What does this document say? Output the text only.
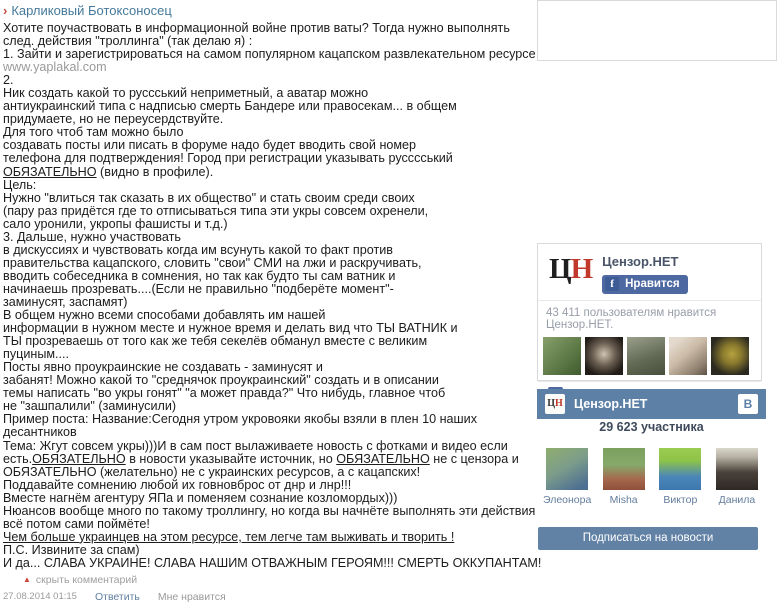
› Карликовый Ботоксоносец
Хотите поучаствовать в информационной войне против ваты? Тогда нужно выполнять
след. действия "троллинга" (так делаю я) :
1. Зайти и зарегистрироваться на самом популярном кацапском развлекательном ресурсе
www.yaplakal.com
2.
Ник создать какой то руссський неприметный, а аватар можно
антиукраинский типа с надписью смерть Бандере или правосекам... в общем
придумаете, но не переусердствуйте.
Для того чтоб там можно было
создавать посты или писать в форуме надо будет вводить свой номер
телефона для подтверждения! Город при регистрации указывать русссський
ОБЯЗАТЕЛЬНО (видно в профиле).
Цель:
Нужно "влиться так сказать в их общество" и стать своим среди своих
(пару раз придётся где то отписываться типа эти укры совсем охренели,
сало уронили, укропы фашисты и т.д.)
3. Дальше, нужно участвовать
в дискуссиях и чувствовать когда им всунуть какой то факт против
правительства кацапского, словить "свои" СМИ на лжи и раскручивать,
вводить собеседника в сомнения, но так как будто ты сам ватник и
начинаешь прозревать....(Если не правильно "подберёте момент"-
заминусят, заспамят)
В общем нужно всеми способами добавлять им нашей
информации в нужном месте и нужное время и делать вид что ТЫ ВАТНИК и
ТЫ прозреваешь от того как же тебя секелёв обманул вместе с великим
пуциным....
Посты явно проукраинские не создавать - заминусят и
забанят! Можно какой то "среднячок проукраинский" создать и в описании
темы написать "во укры гонят" "а может правда?" Что нибудь, главное чтоб
не "зашпалили" (заминусили)
Пример поста: Название:Сегодня утром укровояки якобы взяли в плен 10 наших
десантников
Тема: Жгут совсем укры)))И в сам пост вылаживаете новость с фотками и видео если
есть.ОБЯЗАТЕЛЬНО в новости указывайте источник, но ОБЯЗАТЕЛЬНО не с цензора и
ОБЯЗАТЕЛЬНО (желательно) не с украинских ресурсов, а с кацапских!
Поддавайте сомнению любой их говновброс от днр и лнр!!!
Вместе нагнём агентуру ЯПа и поменяем сознание козломордых)))
Нюансов вообще много по такому троллингу, но когда вы начнёте выполнять эти действия
всё потом сами поймёте!
Чем больше украинцев на этом ресурсе, тем легче там выживать и творить !
П.С. Извините за спам)
И да... СЛАВА УКРАИНЕ! СЛАВА НАШИМ ОТВАЖНЫМ ГЕРОЯМ!!! СМЕРТЬ ОККУПАНТАМ!
▲ скрыть комментарий
27.08.2014 01:15 Ответить Мне нравится
ЦН Цензор.НЕТ
f Нравится
43 411 пользователям нравится Цензор.НЕТ.
ЦН Цензор.НЕТ	В
29 623 участника
Элеонора	Misha	Виктор	Данила
Подписаться на новости
